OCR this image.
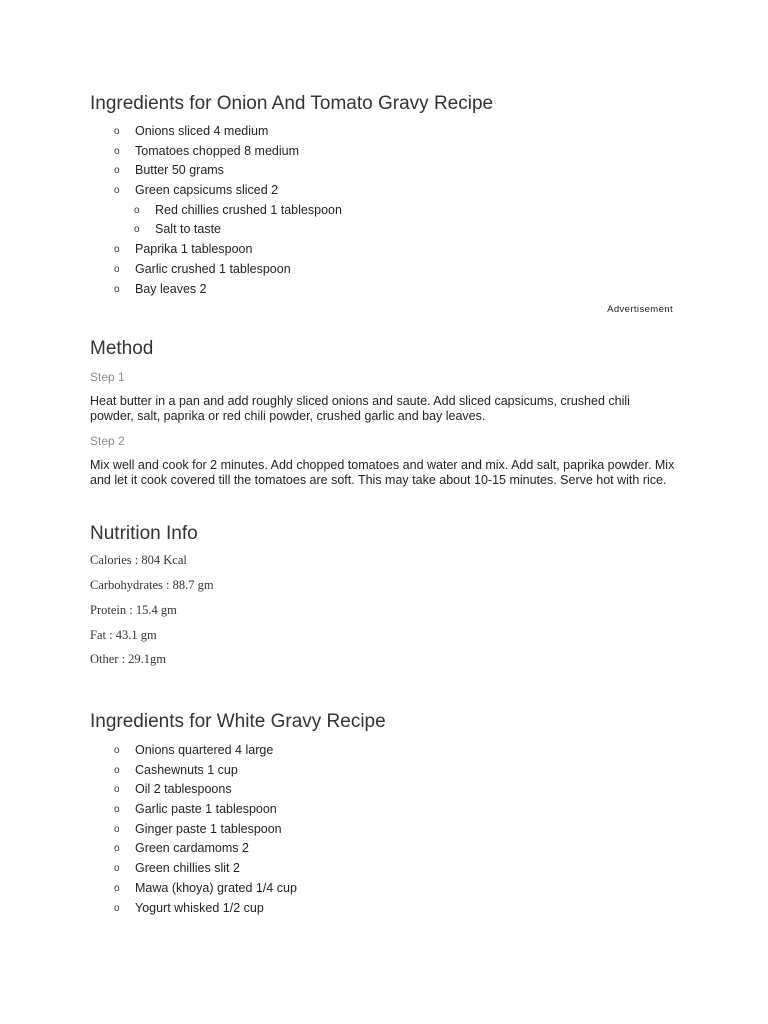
Ingredients for Onion And Tomato Gravy Recipe
o Onions sliced 4 medium
o Tomatoes chopped 8 medium
o Butter 50 grams
o Green capsicums sliced 2
o Red chillies crushed 1 tablespoon
o Salt to taste
o Paprika 1 tablespoon
o Garlic crushed 1 tablespoon
o Bay leaves 2
Advertisement
Method
Step 1
Heat butter in a pan and add roughly sliced onions and saute. Add sliced capsicums, crushed chili powder, salt, paprika or red chili powder, crushed garlic and bay leaves.
Step 2
Mix well and cook for 2 minutes. Add chopped tomatoes and water and mix. Add salt, paprika powder. Mix and let it cook covered till the tomatoes are soft. This may take about 10-15 minutes. Serve hot with rice.
Nutrition Info
Calories : 804 Kcal
Carbohydrates : 88.7 gm
Protein : 15.4 gm
Fat : 43.1 gm
Other : 29.1gm
Ingredients for White Gravy Recipe
o Onions quartered 4 large
o Cashewnuts 1 cup
o Oil 2 tablespoons
o Garlic paste 1 tablespoon
o Ginger paste 1 tablespoon
o Green cardamoms 2
o Green chillies slit 2
o Mawa (khoya) grated 1/4 cup
o Yogurt whisked 1/2 cup
